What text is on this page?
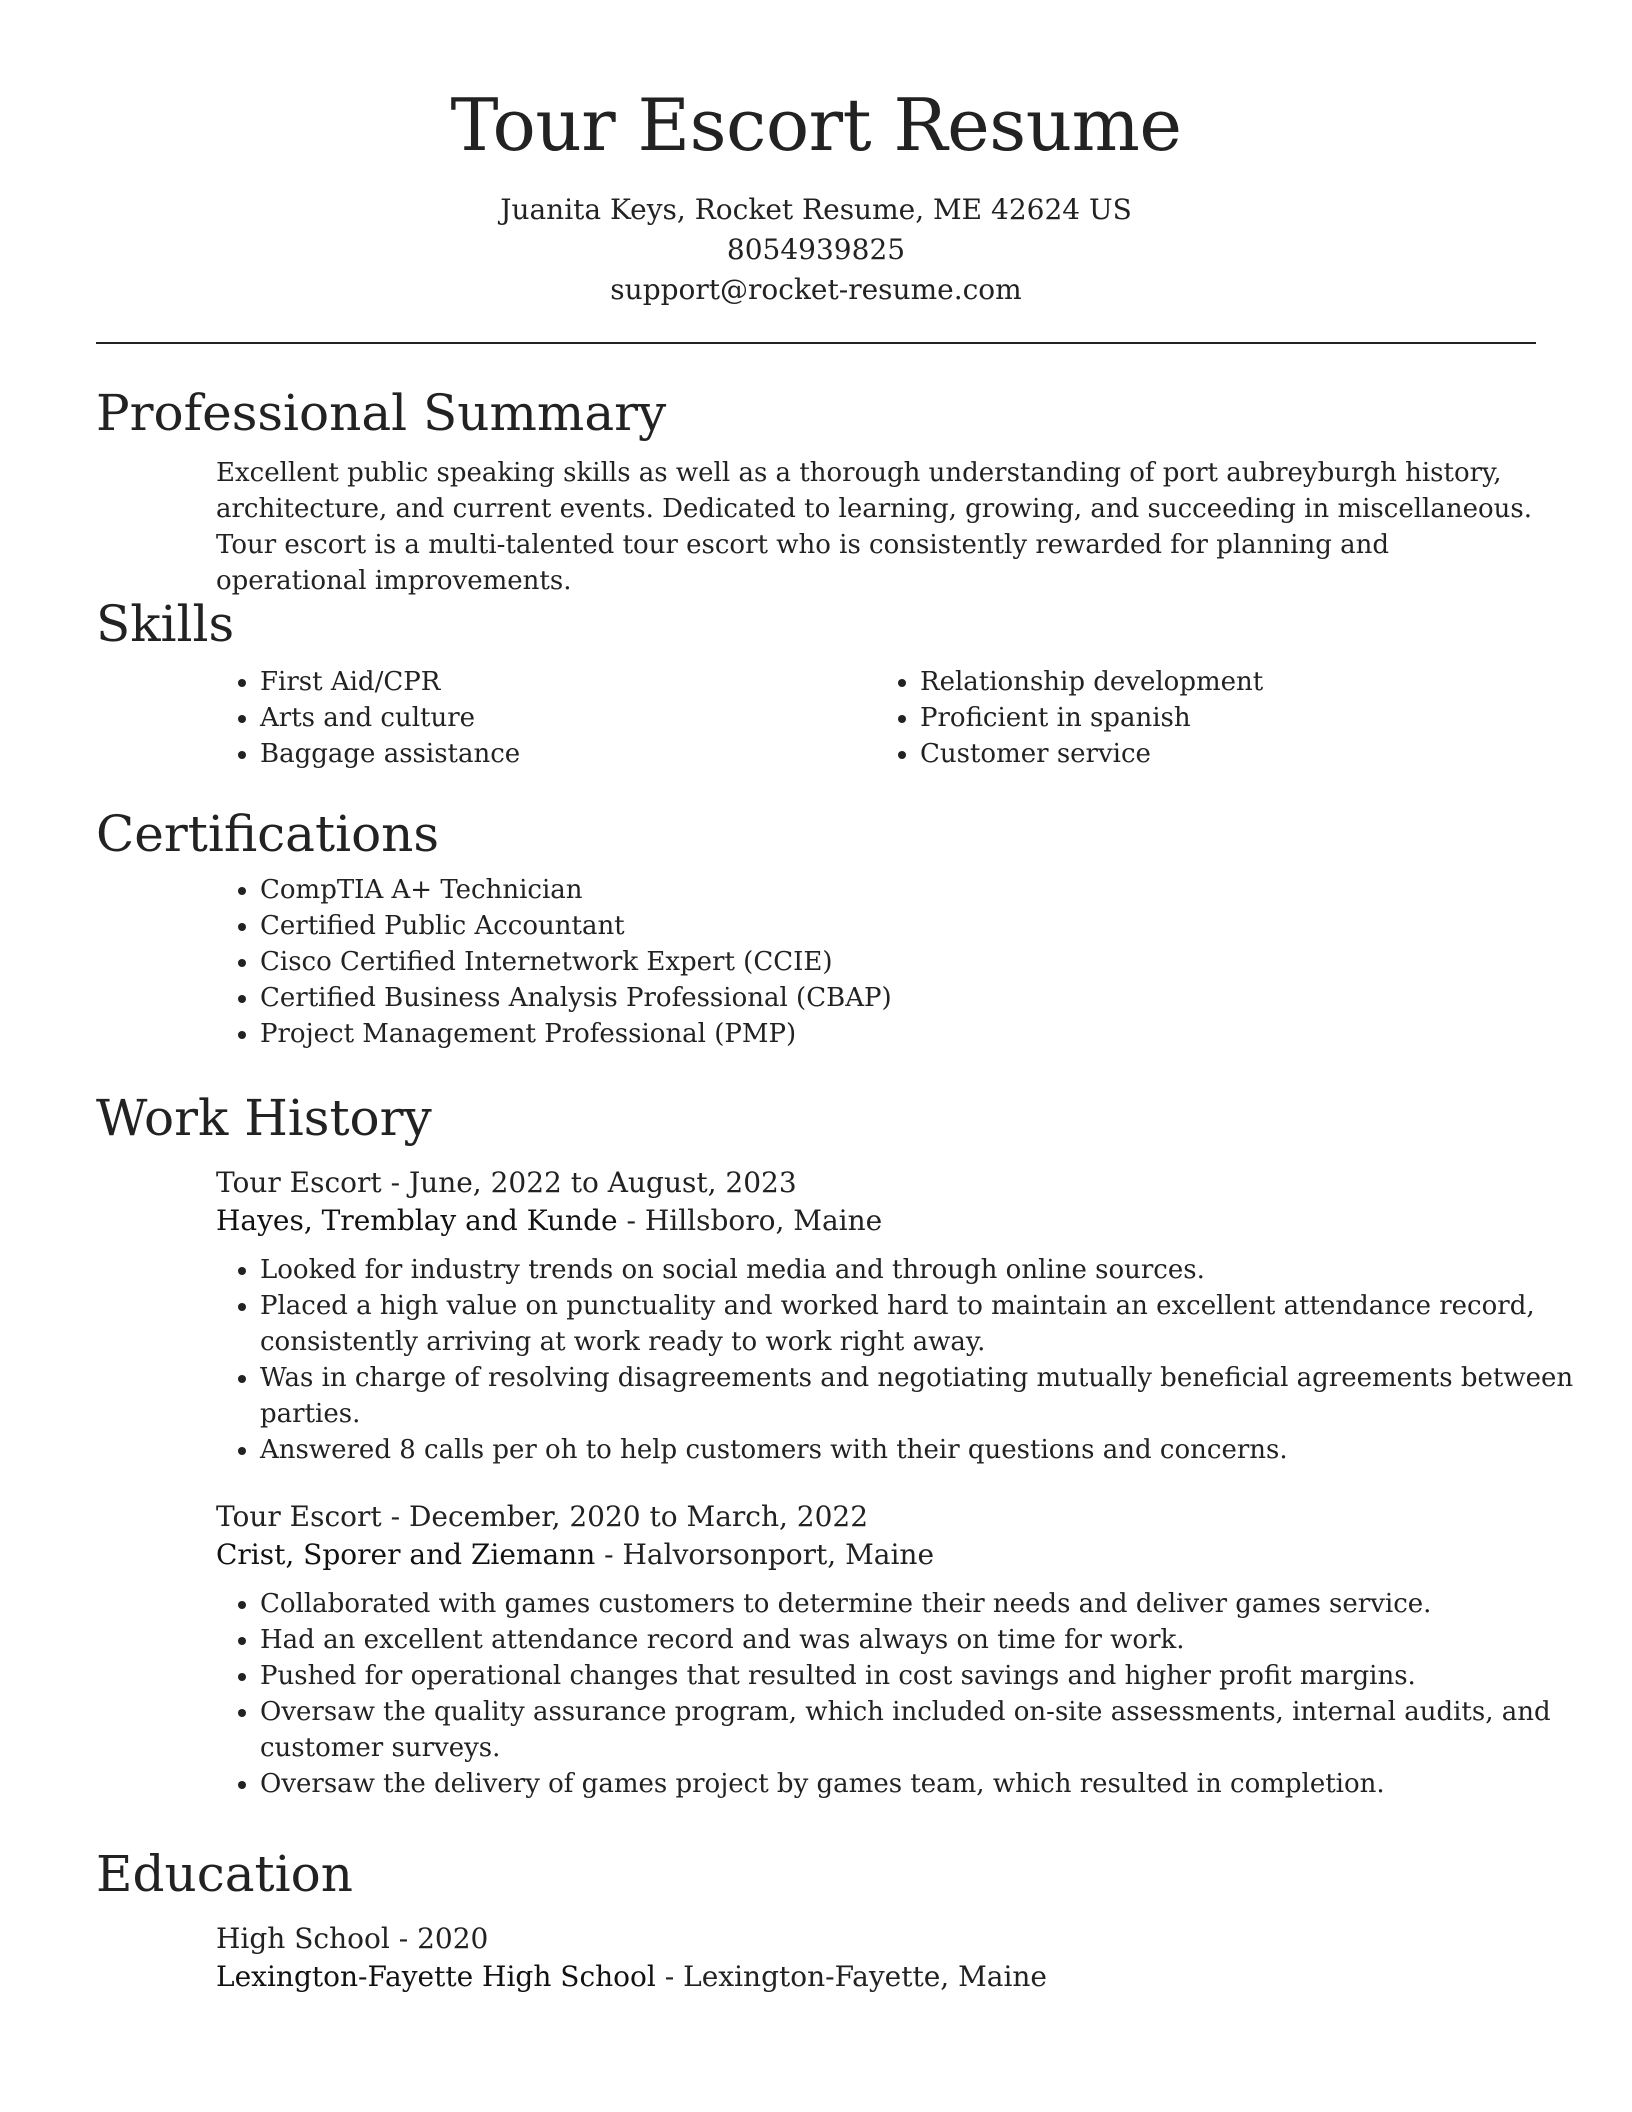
Tour Escort Resume
Juanita Keys, Rocket Resume, ME 42624 US
8054939825
support@rocket-resume.com
Professional Summary

Excellent public speaking skills as well as a thorough understanding of port aubreyburgh history, architecture, and current events. Dedicated to learning, growing, and succeeding in miscellaneous. Tour escort is a multi-talented tour escort who is consistently rewarded for planning and operational improvements.

Skills
• First Aid/CPR
• Arts and culture
• Baggage assistance
• Relationship development
• Proficient in spanish
• Customer service
Certifications
• CompTIA A+ Technician
• Certified Public Accountant
• Cisco Certified Internetwork Expert (CCIE)
• Certified Business Analysis Professional (CBAP)
• Project Management Professional (PMP)
Work History
Tour Escort - June, 2022 to August, 2023
Hayes, Tremblay and Kunde - Hillsboro, Maine
• Looked for industry trends on social media and through online sources.
• Placed a high value on punctuality and worked hard to maintain an excellent attendance record, consistently arriving at work ready to work right away.
• Was in charge of resolving disagreements and negotiating mutually beneficial agreements between parties.
• Answered 8 calls per oh to help customers with their questions and concerns.
Tour Escort - December, 2020 to March, 2022
Crist, Sporer and Ziemann - Halvorsonport, Maine
• Collaborated with games customers to determine their needs and deliver games service.
• Had an excellent attendance record and was always on time for work.
• Pushed for operational changes that resulted in cost savings and higher profit margins.
• Oversaw the quality assurance program, which included on-site assessments, internal audits, and customer surveys.
• Oversaw the delivery of games project by games team, which resulted in completion.
Education
High School - 2020
Lexington-Fayette High School - Lexington-Fayette, Maine
